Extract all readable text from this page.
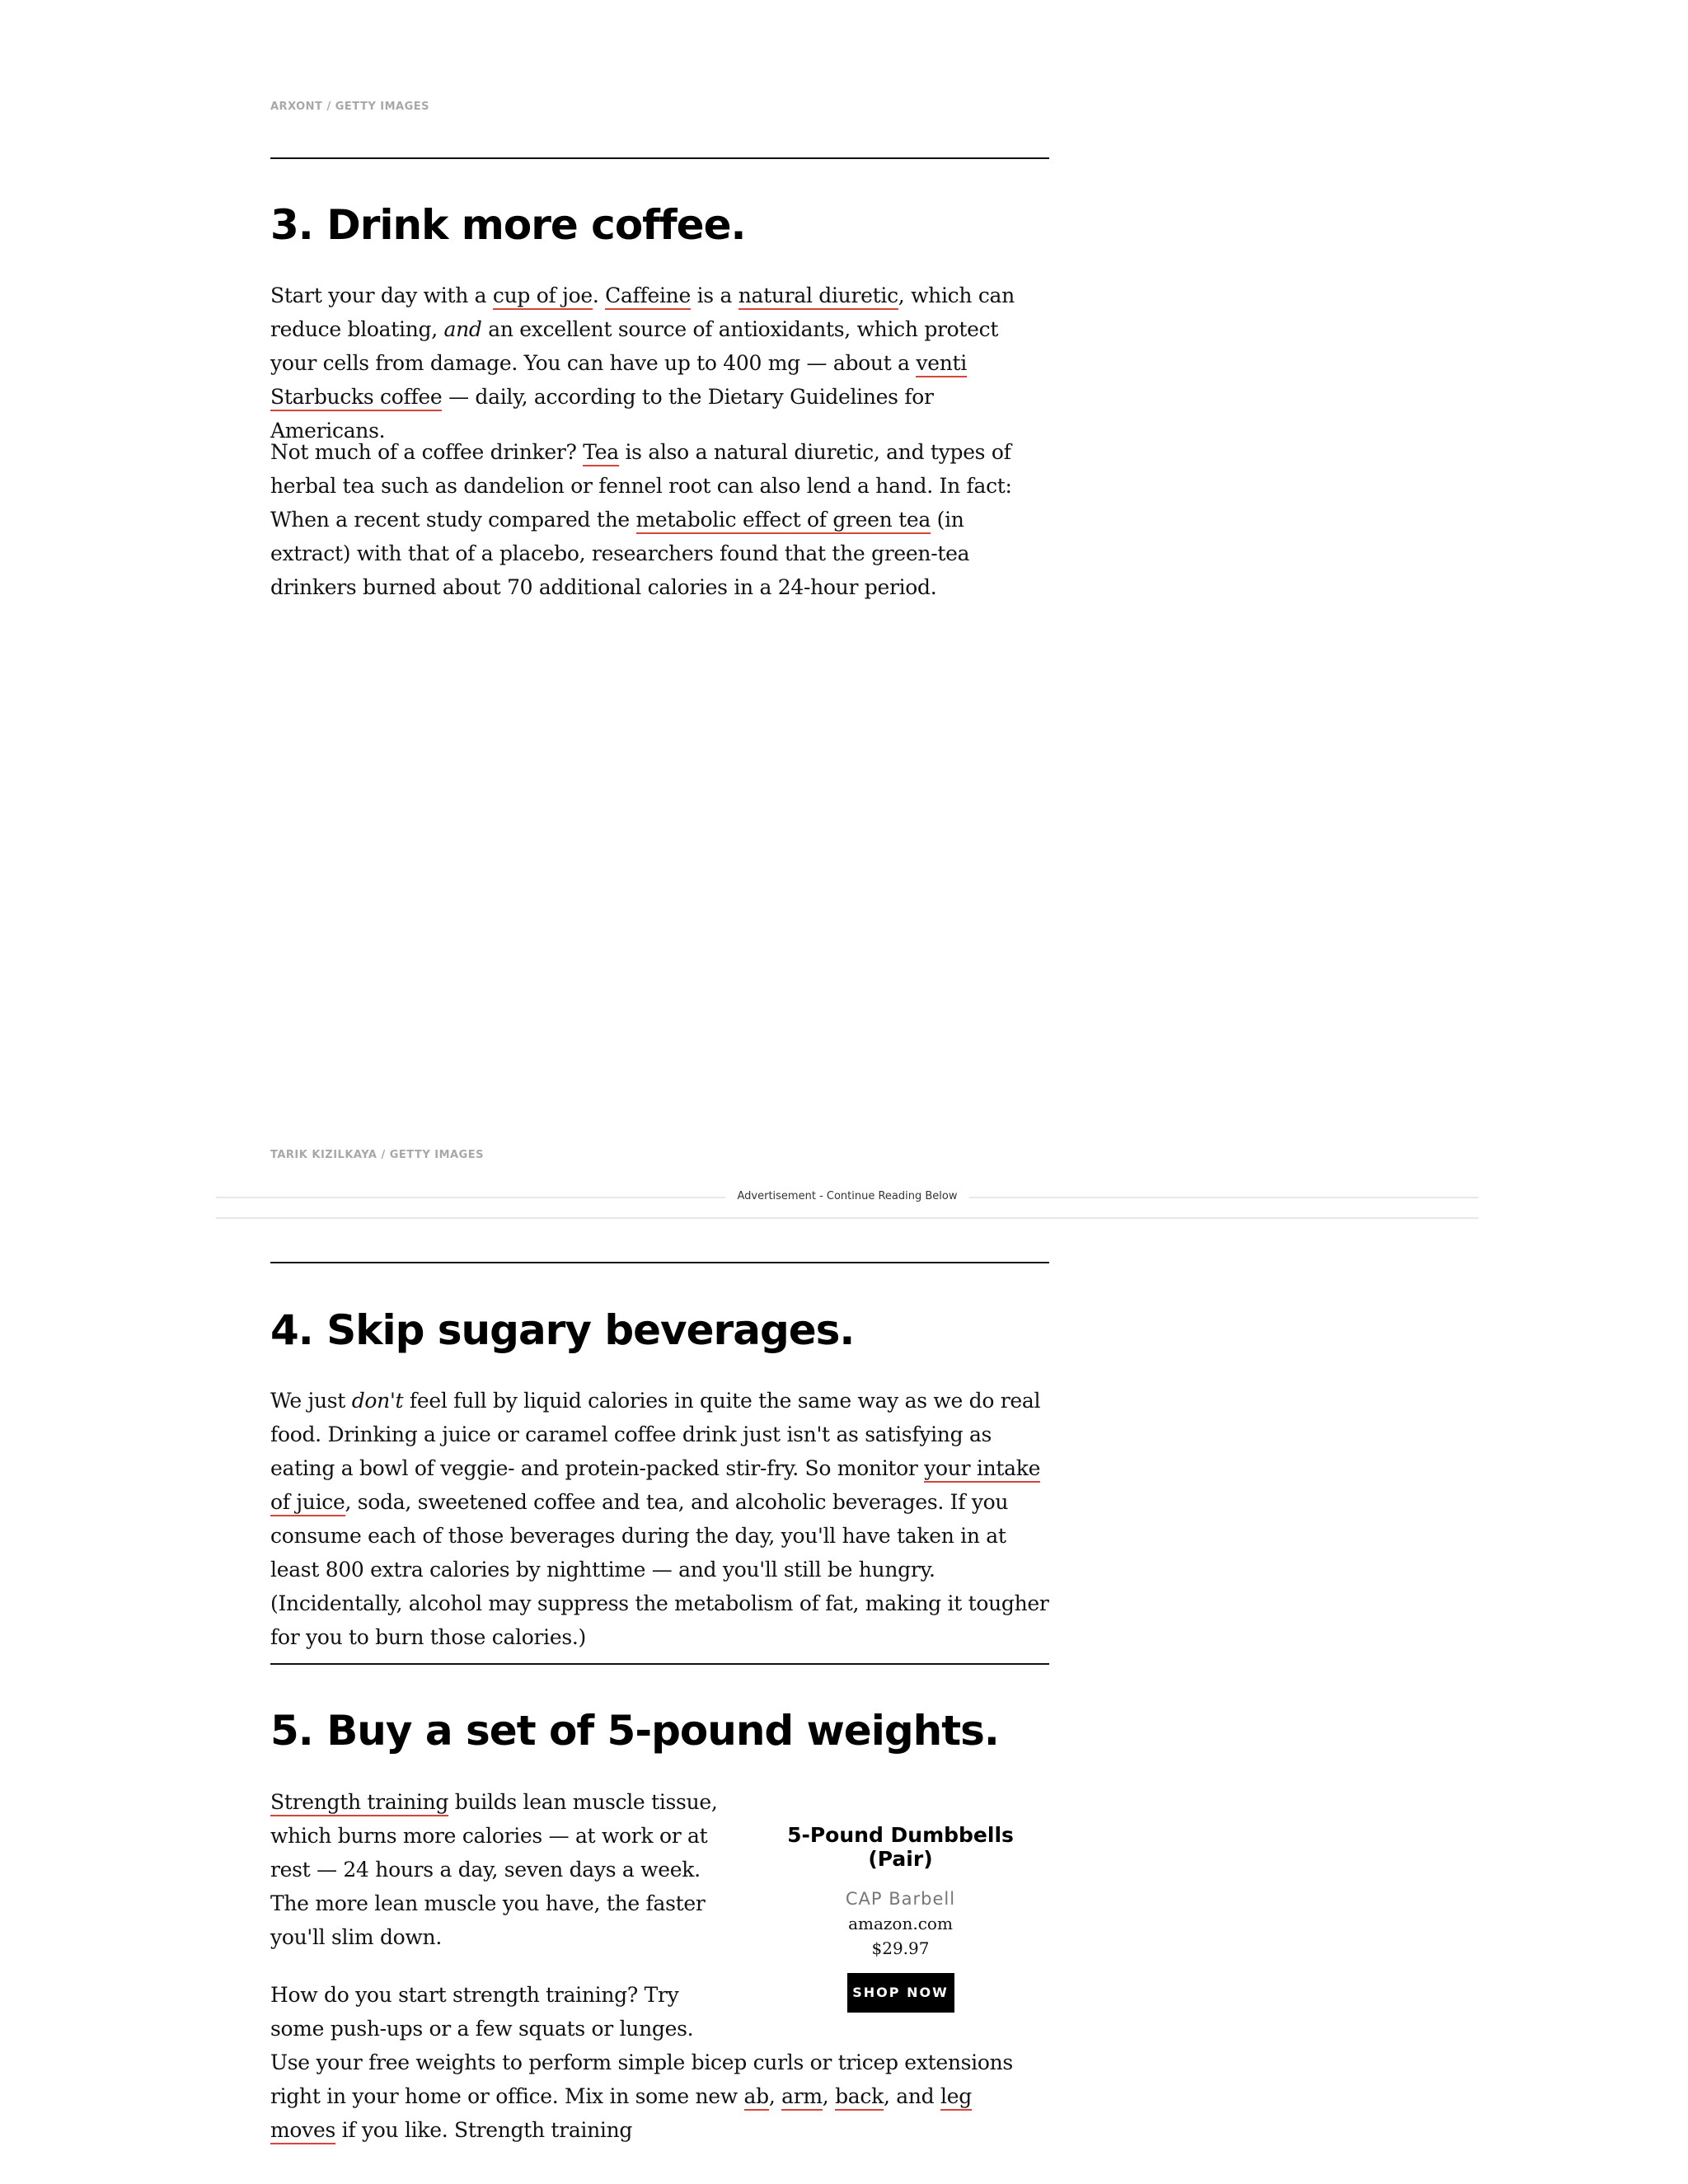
ARXONT / GETTY IMAGES
3. Drink more coffee.

Start your day with a cup of joe. Caffeine is a natural diuretic, which can reduce bloating, and an excellent source of antioxidants, which protect your cells from damage. You can have up to 400 mg — about a venti Starbucks coffee — daily, according to the Dietary Guidelines for Americans.

Not much of a coffee drinker? Tea is also a natural diuretic, and types of herbal tea such as dandelion or fennel root can also lend a hand. In fact: When a recent study compared the metabolic effect of green tea (in extract) with that of a placebo, researchers found that the green-tea drinkers burned about 70 additional calories in a 24-hour period.

TARIK KIZILKAYA / GETTY IMAGES
Advertisement - Continue Reading Below
4. Skip sugary beverages.

We just don't feel full by liquid calories in quite the same way as we do real food. Drinking a juice or caramel coffee drink just isn't as satisfying as eating a bowl of veggie- and protein-packed stir-fry. So monitor your intake of juice, soda, sweetened coffee and tea, and alcoholic beverages. If you consume each of those beverages during the day, you'll have taken in at least 800 extra calories by nighttime — and you'll still be hungry. (Incidentally, alcohol may suppress the metabolism of fat, making it tougher for you to burn those calories.)

5. Buy a set of 5-pound weights.

Strength training builds lean muscle tissue, which burns more calories — at work or at rest — 24 hours a day, seven days a week. The more lean muscle you have, the faster you'll slim down.

How do you start strength training? Try some push-ups or a few squats or lunges. Use your free weights to perform simple bicep curls or tricep extensions right in your home or office. Mix in some new ab, arm, back, and leg moves if you like. Strength training

5-Pound Dumbbells (Pair)
CAP Barbell
amazon.com
$29.97
SHOP NOW
